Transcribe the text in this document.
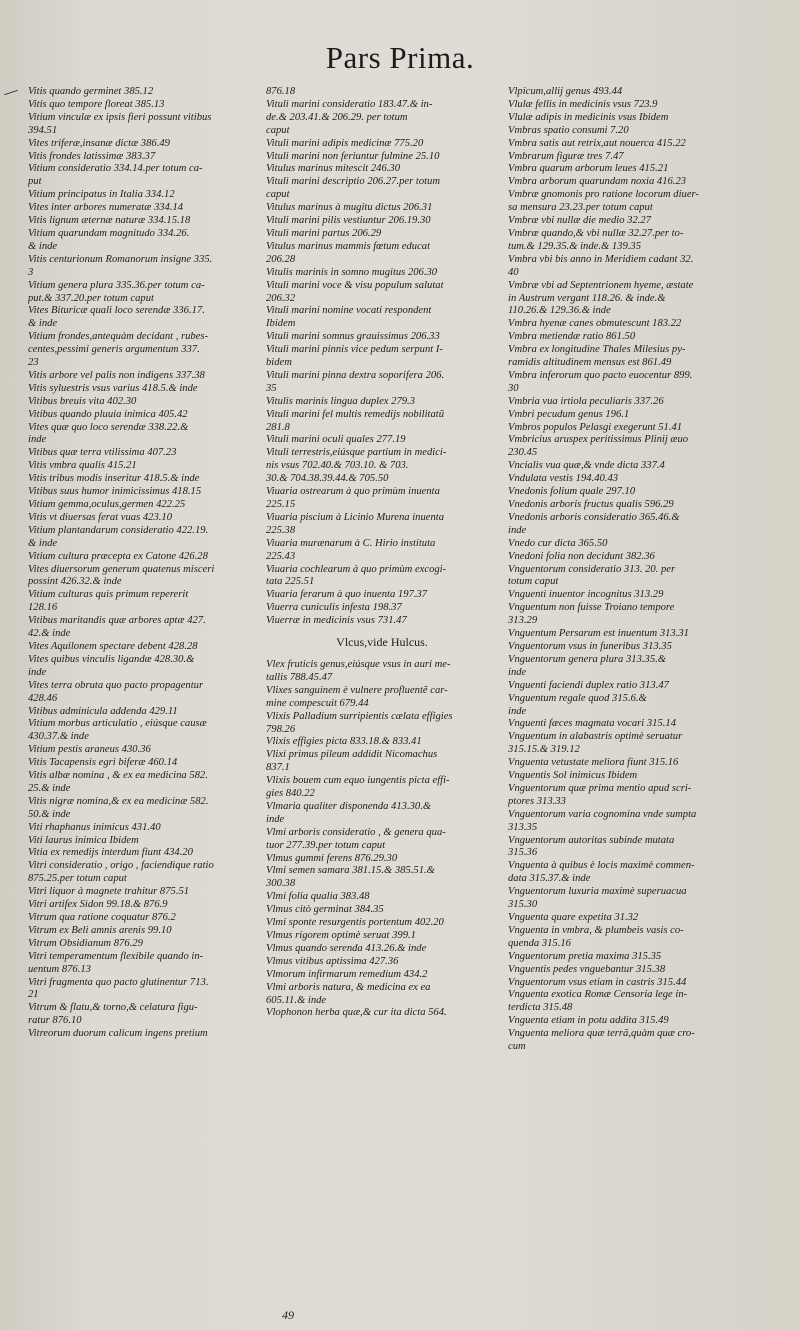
Pars Prima.
Vitis quando germinet 385.12
Vitis quo tempore floreat 385.13
Vitium vinculæ ex ipsis fieri possunt vitibus
394.51
Vites triferæ,insanæ dictæ 386.49
Vitis frondes latissimæ 383.37
Vitium consideratio 334.14.per totum ca-
put
Vitium principatus in Italia 334.12
Vites inter arbores numeratæ 334.14
Vitis lignum æternæ naturæ 334.15.18
Vitium quarundam magnitudo 334.26.
& inde
Vitis centurionum Romanorum insigne 335.
3
Vitium genera plura 335.36.per totum ca-
put.& 337.20.per totum caput
Vites Bituricæ quali loco serendæ 336.17.
& inde
Vitium frondes,antequàm decidant , rubes-
centes,pessimi generis argumentum 337.
23
Vitis arbore vel palis non indigens 337.38
Vitis syluestris vsus varius 418.5.& inde
Vitibus breuis vita 402.30
Vitibus quando pluuia inimica 405.42
Vites quæ quo loco serendæ 338.22.&
inde
Vitibus quæ terra vtilissima 407.23
Vitis vmbra qualis 415.21
Vitis tribus modis inseritur 418.5.& inde
Vitibus suus humor inimicissimus 418.15
Vitium gemma,oculus,germen 422.25
Vitis vt diuersas ferat vuas 423.10
Vitium plantandarum consideratio 422.19.
& inde
Vitium cultura præcepta ex Catone 426.28
Vites diuersorum generum quatenus misceri
possint 426.32.& inde
Vitium culturas quis primum repererit
128.16
Vitibus maritandis quæ arbores aptæ 427.
42.& inde
Vites Aquilonem spectare debent 428.28
Vites quibus vinculis ligandæ 428.30.&
inde
Vites terra obruta quo pacto propagentur
428.46
Vitibus adminicula addenda 429.11
Vitium morbus articulatio , eiúsque causæ
430.37.& inde
Vitium pestis araneus 430.36
Vitis Tacapensis egri biferæ 460.14
Vitis albæ nomina , & ex ea medicina 582.
25.& inde
Vitis nigræ nomina,& ex ea medicinæ 582.
50.& inde
Viti rhaphanus inimicus 431.40
Viti laurus inimica Ibidem
Vitia ex remedijs interdum fiunt 434.20
Vitri consideratio , origo , faciendique ratio
875.25.per totum caput
Vitri liquor à magnete trahitur 875.51
Vitri artifex Sidon 99.18.& 876.9
Vitrum qua ratione coquatur 876.2
Vitrum ex Beli amnis arenis 99.10
Vitrum Obsidianum 876.29
Vitri temperamentum flexibile quando in-
uentum 876.13
Vitri fragmenta quo pacto glutinentur 713.
21
Vitrum & flatu,& torno,& celatura figu-
ratur 876.10
Vitreorum duorum calicum ingens pretium
876.18
Vituli marini consideratio 183.47.& in-
de.& 203.41.& 206.29. per totum
caput
Vituli marini adipis medicinæ 775.20
Vituli marini non feriuntur fulmine 25.10
Vitulus marinus mitescit 246.30
Vituli marini descriptio 206.27.per totum
caput
Vitulus marinus à mugitu dictus 206.31
Vituli marini pilis vestiuntur 206.19.30
Vituli marini partus 206.29
Vitulus marinus mammis fœtum educat
206.28
Vitulis marinis in somno mugitus 206.30
Vituli marini voce & visu populum salutat
206.32
Vituli marini nomine vocati respondent
Ibidem
Vituli marini somnus grauissimus 206.33
Vituli marini pinnis vice pedum serpunt I-
bidem
Vituli marini pinna dextra soporifera 206.
35
Vitulis marinis lingua duplex 279.3
Vituli marini fel multis remedijs nobilitatũ
281.8
Vituli marini oculi quales 277.19
Vituli terrestris,eiúsque partium in medici-
nis vsus 702.40.& 703.10. & 703.
30.& 704.38.39.44.& 705.50
Viuaria ostrearum à quo primùm inuenta
225.15
Viuaria piscium à Licinio Murena inuenta
225.38
Viuaria murænarum à C. Hirio instituta
225.43
Viuaria cochlearum à quo primùm excogi-
tata 225.51
Viuaria ferarum à quo inuenta 197.37
Viuerra cuniculis infesta 198.37
Viuerræ in medicinis vsus 731.47
Vlcus,vide Hulcus.
Vlex fruticis genus,eiúsque vsus in auri me-
tallis 788.45.47
Vlixes sanguinem è vulnere profluentẽ car-
mine compescuit 679.44
Vlixis Palladium surripientis cælata effigies
798.26
Vlixis effigies picta 833.18.& 833.41
Vlixi primus pileum addidit Nicomachus
837.1
Vlixis bouem cum equo iungentis picta effi-
gies 840.22
Vlmaria qualiter disponenda 413.30.&
inde
Vlmi arboris consideratio , & genera qua-
tuor 277.39.per totum caput
Vlmus gummi ferens 876.29.30
Vlmi semen samara 381.15.& 385.51.&
300.38
Vlmi folia qualia 383.48
Vlmus citò germinat 384.35
Vlmi sponte resurgentis portentum 402.20
Vlmus rigorem optimè seruat 399.1
Vlmus quando serenda 413.26.& inde
Vlmus vitibus aptissima 427.36
Vlmorum infirmarum remedium 434.2
Vlmi arboris natura, & medicina ex ea
605.11.& inde
Vlophonon herba quæ,& cur ita dicta 564.
Vlpicum,allij genus 493.44
Vlulæ fellis in medicinis vsus 723.9
Vlulæ adipis in medicinis vsus Ibidem
Vmbras spatio consumi 7.20
Vmbra satis aut retrix,aut nouerca 415.22
Vmbrarum figuræ tres 7.47
Vmbra quarum arborum leues 415.21
Vmbra arborum quarundam noxia 416.23
Vmbræ gnomonis pro ratione locorum diuer-
sa mensura 23.23.per totum caput
Vmbræ vbi nullæ die medio 32.27
Vmbræ quando,& vbi nullæ 32.27.per to-
tum.& 129.35.& inde.& 139.35
Vmbra vbi bis anno in Meridiem cadant 32.
40
Vmbræ vbi ad Septentrionem hyeme, æstate
in Austrum vergant 118.26. & inde.&
110.26.& 129.36.& inde
Vmbra hyenæ canes obmutescunt 183.22
Vmbra metiendæ ratio 861.50
Vmbra ex longitudine Thales Milesius py-
ramidis altitudinem mensus est 861.49
Vmbra inferorum quo pacto euocentur 899.
30
Vmbria vua irtiola peculiaris 337.26
Vmbri pecudum genus 196.1
Vmbros populos Pelasgi exegerunt 51.41
Vmbricius aruspex peritissimus Plinij æuo
230.45
Vncialis vua quæ,& vnde dicta 337.4
Vndulata vestis 194.40.43
Vnedonis folium quale 297.10
Vnedonis arboris fructus qualis 596.29
Vnedonis arboris consideratio 365.46.&
inde
Vnedo cur dicta 365.50
Vnedoni folia non decidunt 382.36
Vnguentorum consideratio 313. 20. per
totum caput
Vnguenti inuentor incognitus 313.29
Vnguentum non fuisse Troiano tempore
313.29
Vnguentum Persarum est inuentum 313.31
Vnguentorum vsus in funeribus 313.35
Vnguentorum genera plura 313.35.&
inde
Vnguenti faciendi duplex ratio 313.47
Vnguentum regale quod 315.6.&
inde
Vnguenti fæces magmata vocari 315.14
Vnguentum in alabastris optimè seruatur
315.15.& 319.12
Vnguenta vetustate meliora fiunt 315.16
Vnguentis Sol inimicus Ibidem
Vnguentorum quæ prima mentio apud scri-
ptores 313.33
Vnguentorum varia cognomina vnde sumpta
313.35
Vnguentorum autoritas subinde mutata
315.36
Vnguenta à quibus è locis maximè commen-
data 315.37.& inde
Vnguentorum luxuria maximè superuacua
315.30
Vnguenta quare expetita 31.32
Vnguenta in vmbra, & plumbeis vasis co-
quenda 315.16
Vnguentorum pretia maxima 315.35
Vnguentis pedes vnguebantur 315.38
Vnguentorum vsus etiam in castris 315.44
Vnguenta exotica Romæ Censoria lege in-
terdicta 315.48
Vnguenta etiam in potu addita 315.49
Vnguenta meliora quæ terrã,quàm quæ cro-
cum
49
